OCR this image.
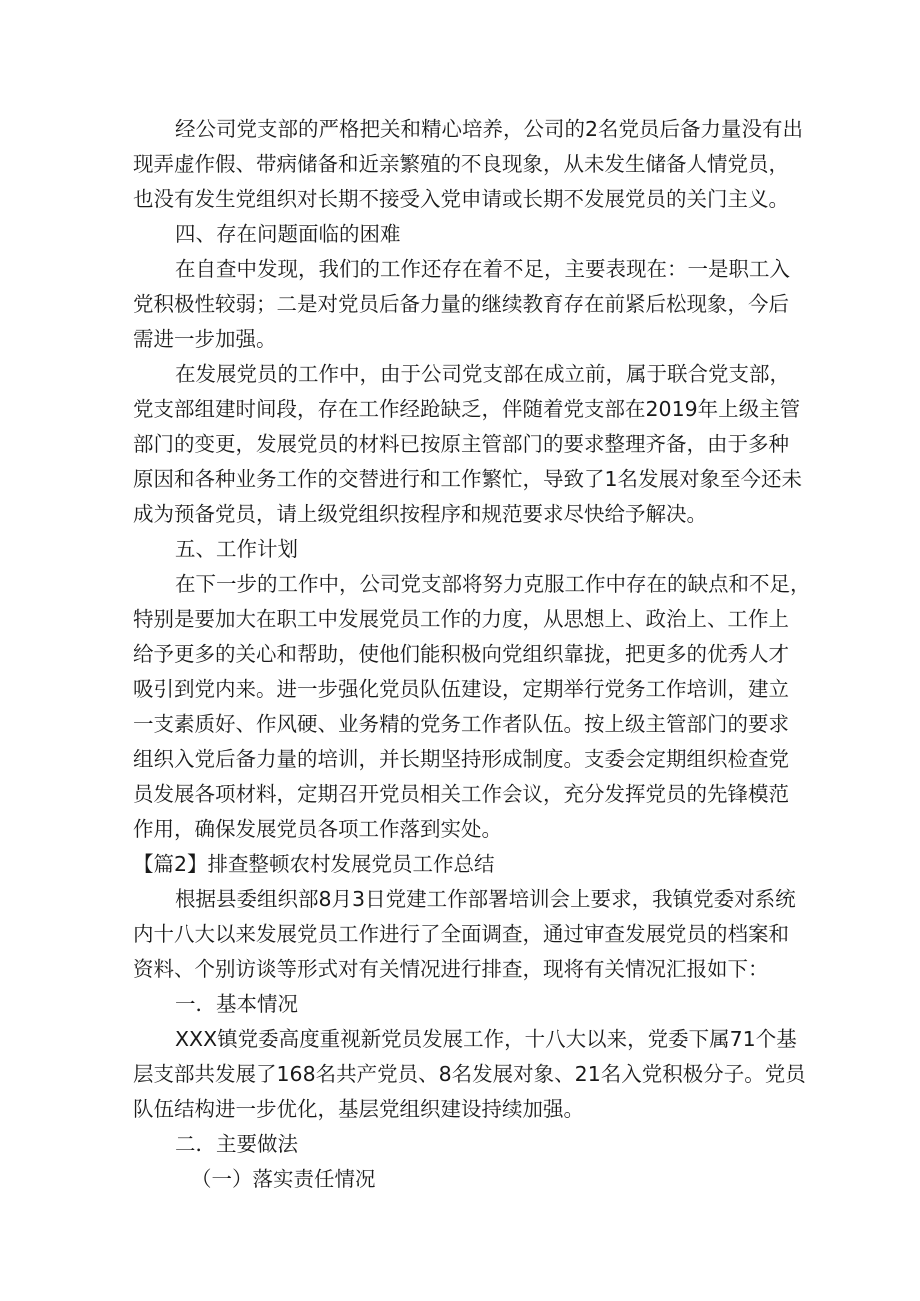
经公司党支部的严格把关和精心培养，公司的2名党员后备力量没有出
现弄虚作假、带病储备和近亲繁殖的不良现象，从未发生储备人情党员，
也没有发生党组织对长期不接受入党申请或长期不发展党员的关门主义。
四、存在问题面临的困难
在自查中发现，我们的工作还存在着不足，主要表现在：一是职工入
党积极性较弱；二是对党员后备力量的继续教育存在前紧后松现象，今后
需进一步加强。
在发展党员的工作中，由于公司党支部在成立前，属于联合党支部，
党支部组建时间段，存在工作经跄缺乏，伴随着党支部在2019年上级主管
部门的变更，发展党员的材料已按原主管部门的要求整理齐备，由于多种
原因和各种业务工作的交替进行和工作繁忙，导致了1名发展对象至今还未
成为预备党员，请上级党组织按程序和规范要求尽快给予解决。
五、工作计划
在下一步的工作中，公司党支部将努力克服工作中存在的缺点和不足，
特别是要加大在职工中发展党员工作的力度，从思想上、政治上、工作上
给予更多的关心和帮助，使他们能积极向党组织靠拢，把更多的优秀人才
吸引到党内来。进一步强化党员队伍建设，定期举行党务工作培训，建立
一支素质好、作风硬、业务精的党务工作者队伍。按上级主管部门的要求
组织入党后备力量的培训，并长期坚持形成制度。支委会定期组织检查党
员发展各项材料，定期召开党员相关工作会议，充分发挥党员的先锋模范
作用，确保发展党员各项工作落到实处。
【篇2】排查整顿农村发展党员工作总结
根据县委组织部8月3日党建工作部署培训会上要求，我镇党委对系统
内十八大以来发展党员工作进行了全面调查，通过审查发展党员的档案和
资料、个别访谈等形式对有关情况进行排查，现将有关情况汇报如下：
一．基本情况
XXX镇党委高度重视新党员发展工作，十八大以来，党委下属71个基
层支部共发展了168名共产党员、8名发展对象、21名入党积极分子。党员
队伍结构进一步优化，基层党组织建设持续加强。
二．主要做法
（一）落实责任情况
